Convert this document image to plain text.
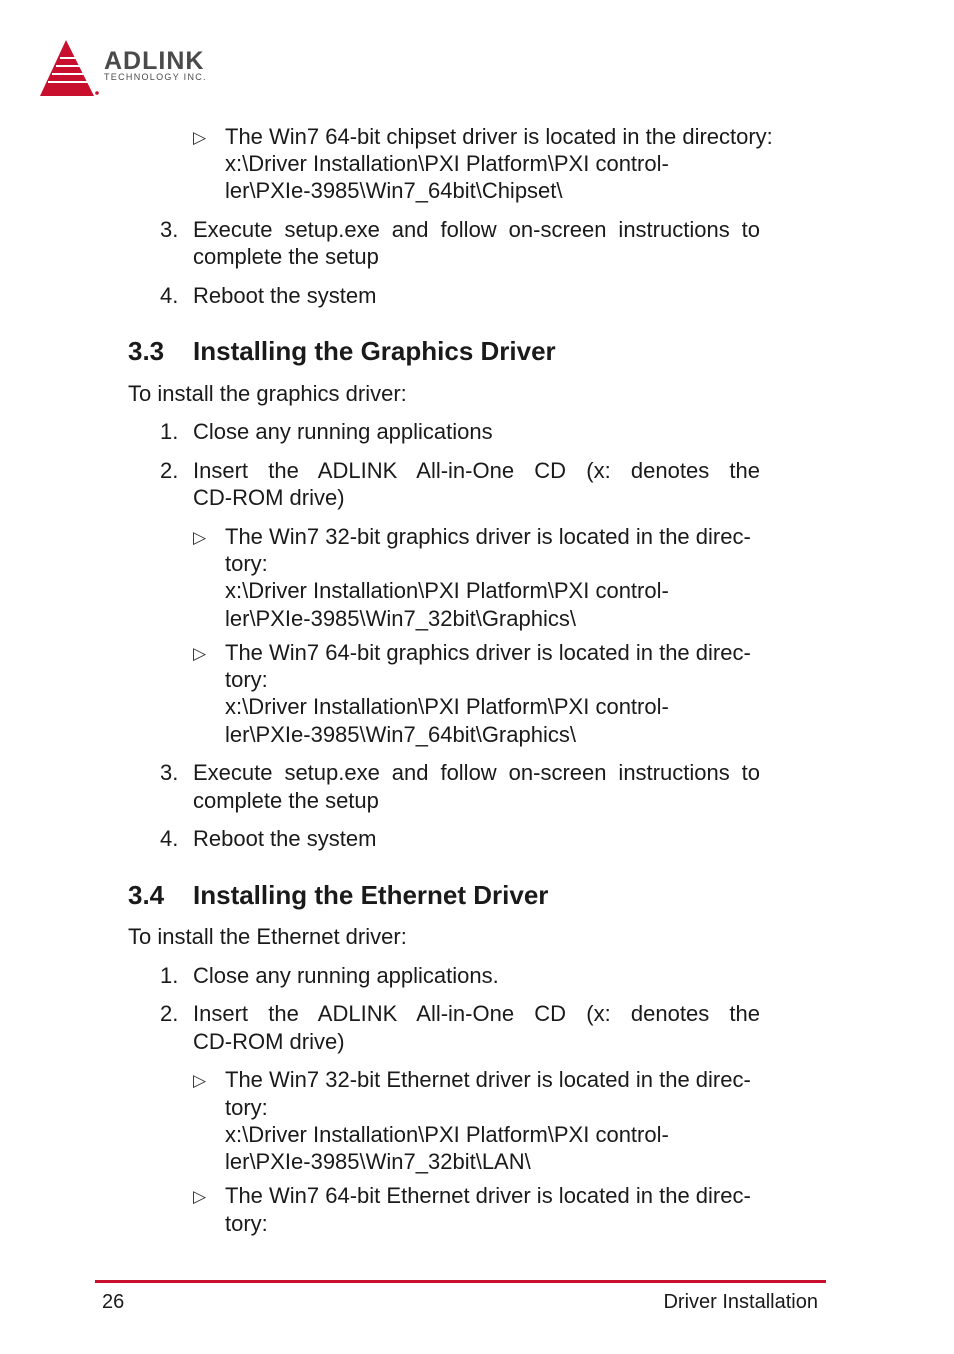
ADLINK
TECHNOLOGY INC.
▷ The Win7 64-bit chipset driver is located in the directory:
x:\Driver Installation\PXI Platform\PXI control-
ler\PXIe-3985\Win7_64bit\Chipset\
3. Execute setup.exe and follow on-screen instructions to
complete the setup
4. Reboot the system
3.3 Installing the Graphics Driver
To install the graphics driver:
1. Close any running applications
2. Insert the ADLINK All-in-One CD (x: denotes the
CD-ROM drive)
▷ The Win7 32-bit graphics driver is located in the direc-
tory:
x:\Driver Installation\PXI Platform\PXI control-
ler\PXIe-3985\Win7_32bit\Graphics\
▷ The Win7 64-bit graphics driver is located in the direc-
tory:
x:\Driver Installation\PXI Platform\PXI control-
ler\PXIe-3985\Win7_64bit\Graphics\
3. Execute setup.exe and follow on-screen instructions to
complete the setup
4. Reboot the system
3.4 Installing the Ethernet Driver
To install the Ethernet driver:
1. Close any running applications.
2. Insert the ADLINK All-in-One CD (x: denotes the
CD-ROM drive)
▷ The Win7 32-bit Ethernet driver is located in the direc-
tory:
x:\Driver Installation\PXI Platform\PXI control-
ler\PXIe-3985\Win7_32bit\LAN\
▷ The Win7 64-bit Ethernet driver is located in the direc-
tory:
26	Driver Installation
